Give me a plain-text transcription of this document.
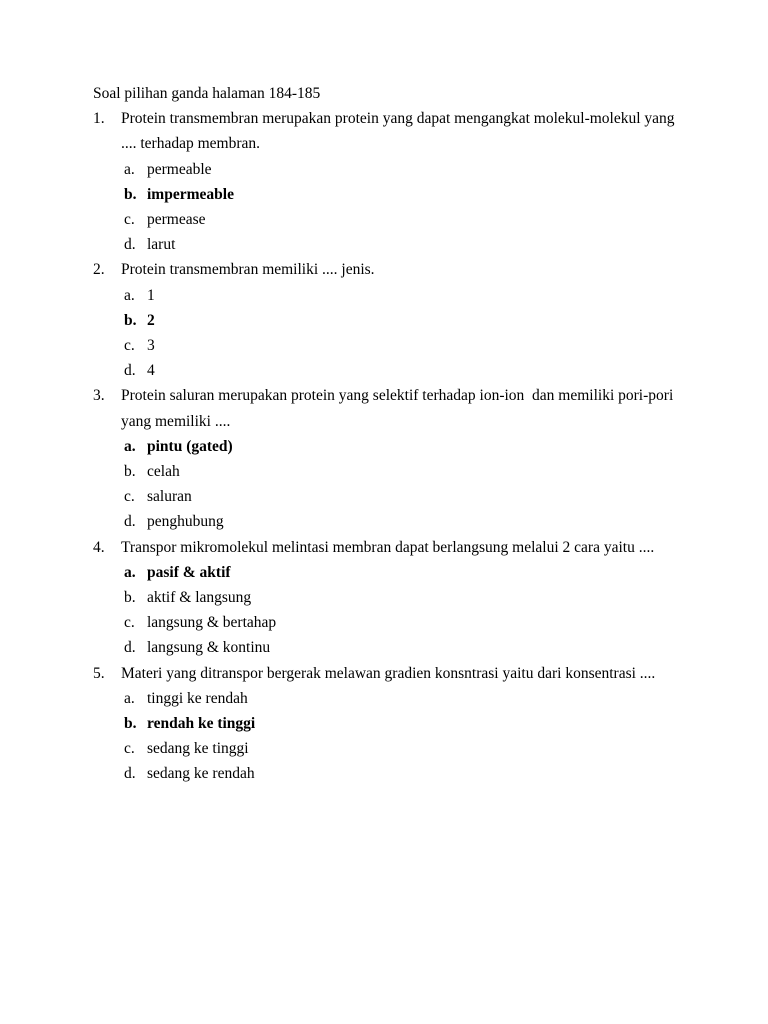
Soal pilihan ganda halaman 184-185
1.	Protein transmembran merupakan protein yang dapat mengangkat molekul-molekul yang
.... terhadap membran.
a. permeable
b. impermeable
c. permease
d. larut
2.	Protein transmembran memiliki .... jenis.
a. 1
b. 2
c. 3
d. 4
3.	Protein saluran merupakan protein yang selektif terhadap ion-ion  dan memiliki pori-pori
yang memiliki ....
a. pintu (gated)
b. celah
c. saluran
d. penghubung
4.	Transpor mikromolekul melintasi membran dapat berlangsung melalui 2 cara yaitu ....
a. pasif & aktif
b. aktif & langsung
c. langsung & bertahap
d. langsung & kontinu
5.	Materi yang ditranspor bergerak melawan gradien konsntrasi yaitu dari konsentrasi ....
a. tinggi ke rendah
b. rendah ke tinggi
c. sedang ke tinggi
d. sedang ke rendah
